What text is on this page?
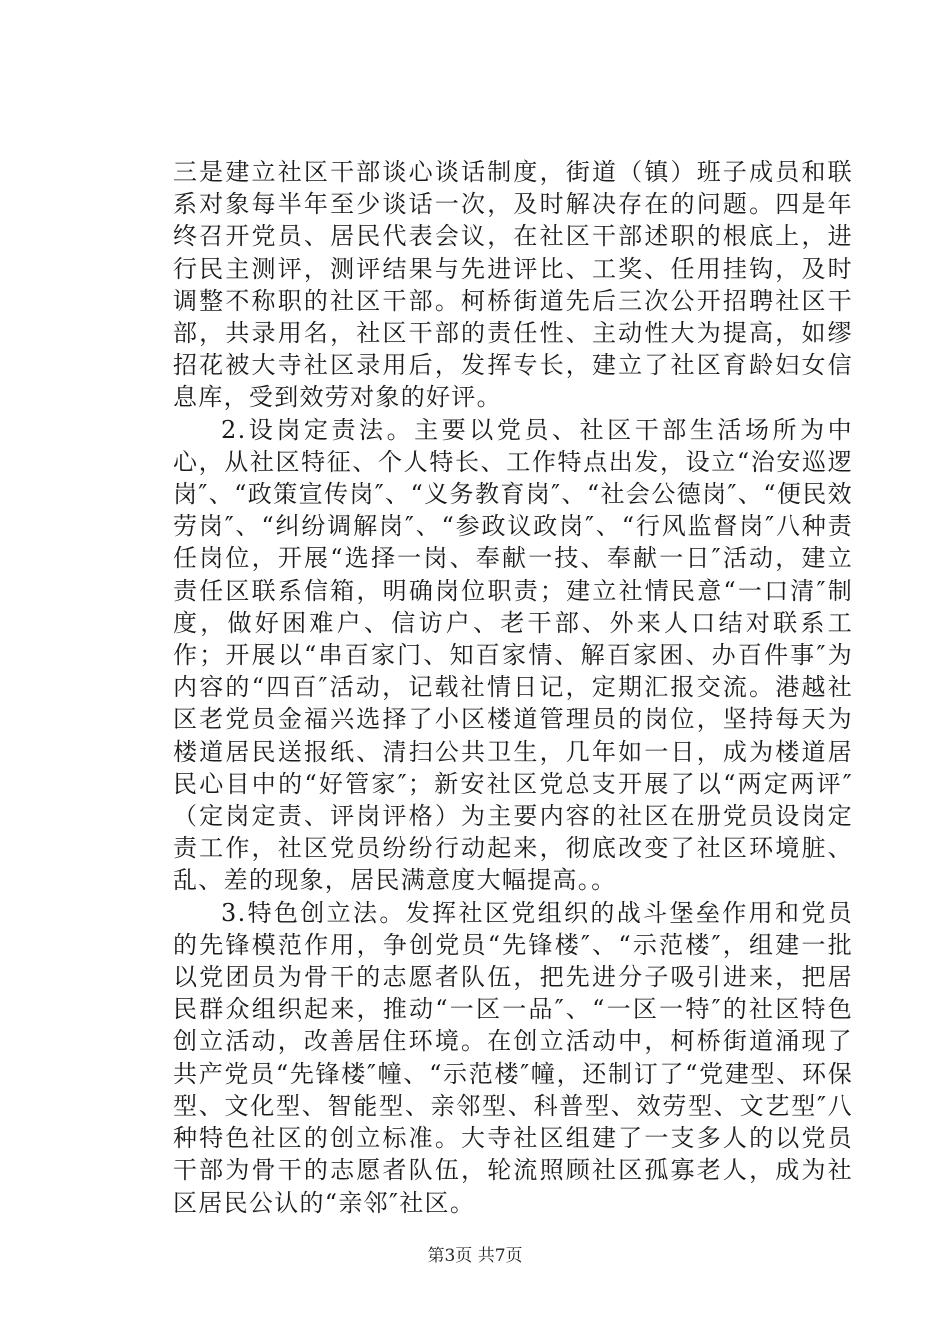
三是建立社区干部谈心谈话制度，街道（镇）班子成员和联系对象每半年至少谈话一次，及时解决存在的问题。四是年终召开党员、居民代表会议，在社区干部述职的根底上，进行民主测评，测评结果与先进评比、工奖、任用挂钩，及时调整不称职的社区干部。柯桥街道先后三次公开招聘社区干部，共录用名，社区干部的责任性、主动性大为提高，如缪招花被大寺社区录用后，发挥专长，建立了社区育龄妇女信息库，受到效劳对象的好评。

2.设岗定责法。主要以党员、社区干部生活场所为中心，从社区特征、个人特长、工作特点出发，设立“治安巡逻岗″、“政策宣传岗″、“义务教育岗″、“社会公德岗″、“便民效劳岗″、“纠纷调解岗″、“参政议政岗″、“行风监督岗″八种责任岗位，开展“选择一岗、奉献一技、奉献一日″活动，建立责任区联系信箱，明确岗位职责；建立社情民意“一口清″制度，做好困难户、信访户、老干部、外来人口结对联系工作；开展以“串百家门、知百家情、解百家困、办百件事″为内容的“四百″活动，记载社情日记，定期汇报交流。港越社区老党员金福兴选择了小区楼道管理员的岗位，坚持每天为楼道居民送报纸、清扫公共卫生，几年如一日，成为楼道居民心目中的“好管家″；新安社区党总支开展了以“两定两评″（定岗定责、评岗评格）为主要内容的社区在册党员设岗定责工作，社区党员纷纷行动起来，彻底改变了社区环境脏、乱、差的现象，居民满意度大幅提高。。

3.特色创立法。发挥社区党组织的战斗堡垒作用和党员的先锋模范作用，争创党员“先锋楼″、“示范楼″，组建一批以党团员为骨干的志愿者队伍，把先进分子吸引进来，把居民群众组织起来，推动“一区一品″、“一区一特″的社区特色创立活动，改善居住环境。在创立活动中，柯桥街道涌现了共产党员“先锋楼″幢、“示范楼″幢，还制订了“党建型、环保型、文化型、智能型、亲邻型、科普型、效劳型、文艺型″八种特色社区的创立标准。大寺社区组建了一支多人的以党员干部为骨干的志愿者队伍，轮流照顾社区孤寡老人，成为社区居民公认的“亲邻″社区。

第3页 共7页
